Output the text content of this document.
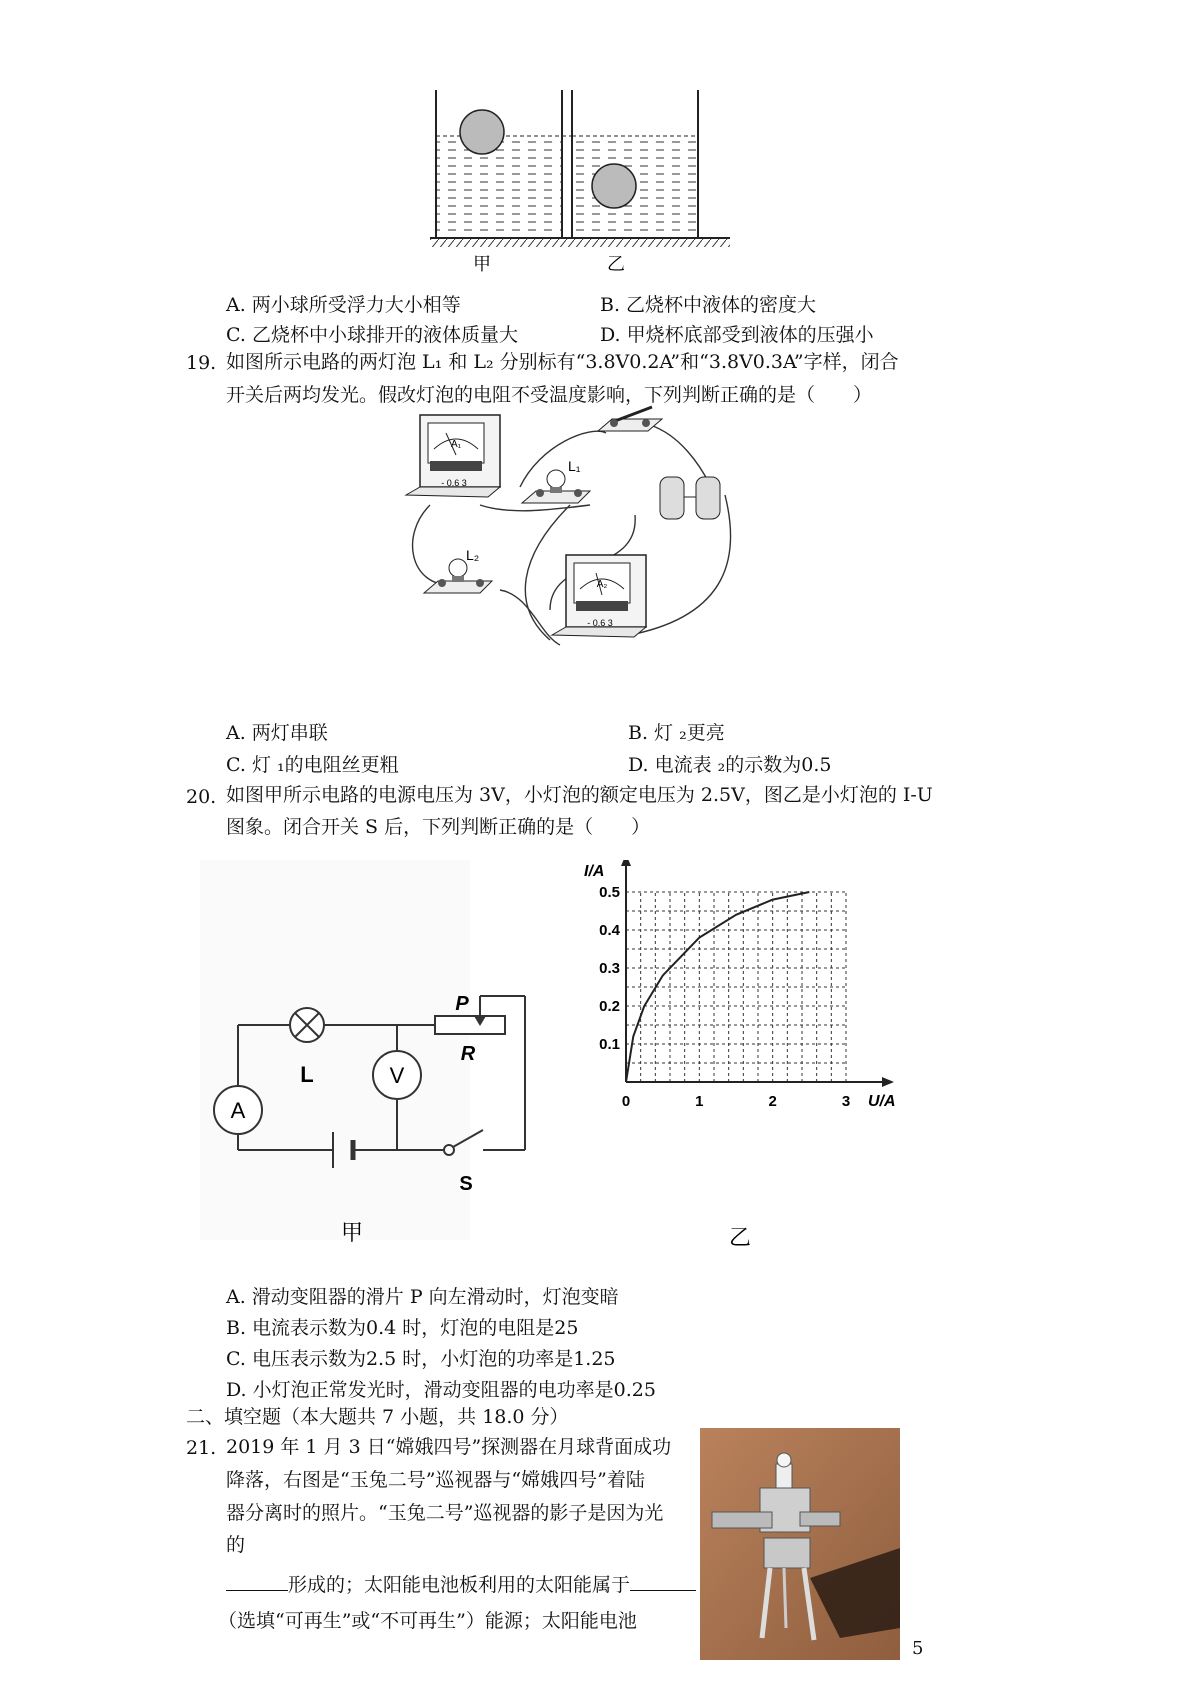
甲	乙
A. 两小球所受浮力大小相等	B. 乙烧杯中液体的密度大
C. 乙烧杯中小球排开的液体质量大	D. 甲烧杯底部受到液体的压强小
19. 如图所示电路的两灯泡 L₁ 和 L₂ 分别标有“3.8V0.2A”和“3.8V0.3A”字样，闭合
开关后两均发光。假改灯泡的电阻不受温度影响，下列判断正确的是（　　）
A₁
- 0.6 3
L₁
L₂
A₂
- 0.6 3
A. 两灯串联	B. 灯 ₂更亮
C. 灯 ₁的电阻丝更粗	D. 电流表 ₂的示数为0.5
20. 如图甲所示电路的电源电压为 3V，小灯泡的额定电压为 2.5V，图乙是小灯泡的 I-U
图象。闭合开关 S 后，下列判断正确的是（　　）
A
L	V
P
R
S
甲
0	1	2	3
0.1
0.2
0.3
0.4
0.5
I/A
U/A
乙
A. 滑动变阻器的滑片 P 向左滑动时，灯泡变暗
B. 电流表示数为0.4 时，灯泡的电阻是25
C. 电压表示数为2.5 时，小灯泡的功率是1.25
D. 小灯泡正常发光时，滑动变阻器的电功率是0.25
二、填空题（本大题共 7 小题，共 18.0 分）
21. 2019 年 1 月 3 日“嫦娥四号”探测器在月球背面成功
降落，右图是“玉兔二号”巡视器与“嫦娥四号”着陆
器分离时的照片。“玉兔二号”巡视器的影子是因为光
的
形成的；太阳能电池板利用的太阳能属于
（选填“可再生”或“不可再生”）能源；太阳能电池
5
